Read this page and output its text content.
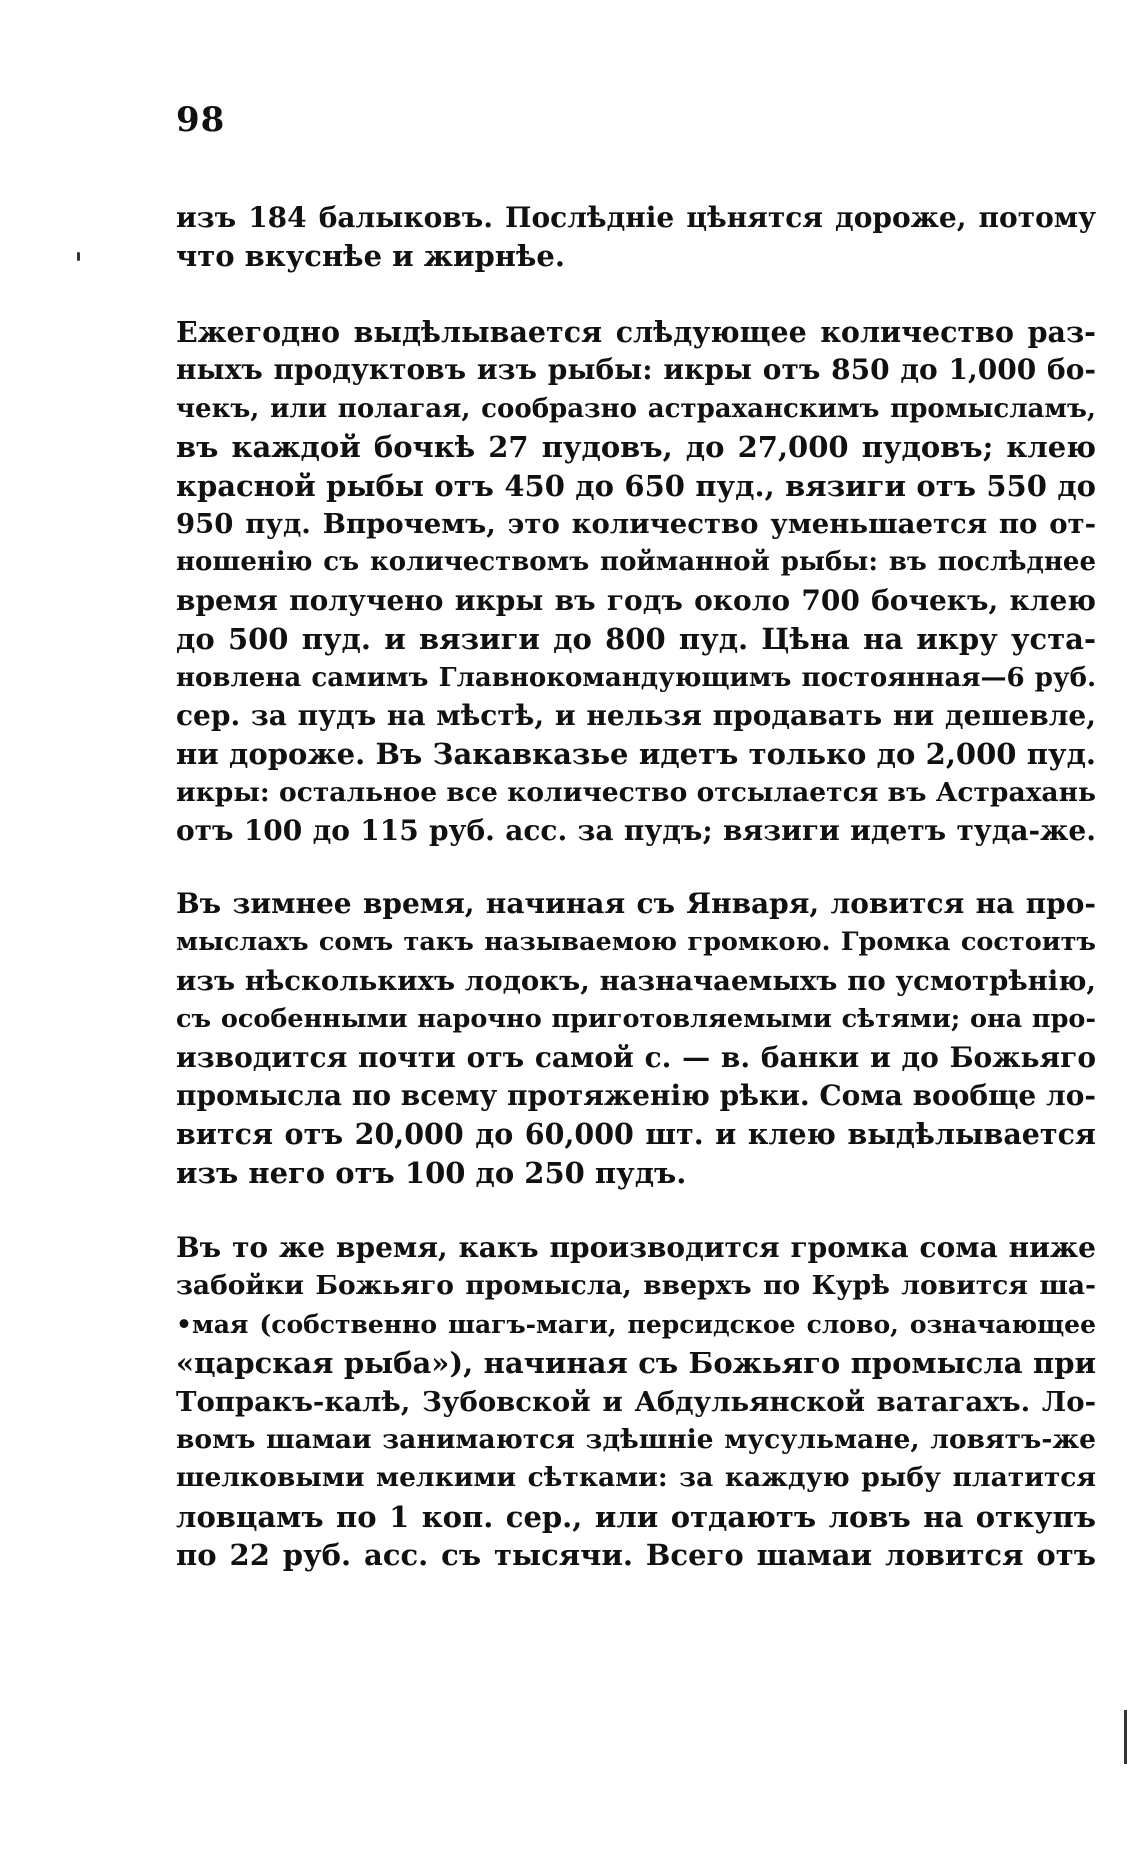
98
изъ 184 балыковъ. Послѣдніе цѣнятся дороже, потому
что вкуснѣе и жирнѣе.
Ежегодно выдѣлывается слѣдующее количество раз-
ныхъ продуктовъ изъ рыбы: икры отъ 850 до 1,000 бо-
чекъ, или полагая, сообразно астраханскимъ промысламъ,
въ каждой бочкѣ 27 пудовъ, до 27,000 пудовъ; клею
красной рыбы отъ 450 до 650 пуд., вязиги отъ 550 до
950 пуд. Впрочемъ, это количество уменьшается по от-
ношенію съ количествомъ пойманной рыбы: въ послѣднее
время получено икры въ годъ около 700 бочекъ, клею
до 500 пуд. и вязиги до 800 пуд. Цѣна на икру уста-
новлена самимъ Главнокомандующимъ постоянная—6 руб.
сер. за пудъ на мѣстѣ, и нельзя продавать ни дешевле,
ни дороже. Въ Закавказье идетъ только до 2,000 пуд.
икры: остальное все количество отсылается въ Астрахань
отъ 100 до 115 руб. асс. за пудъ; вязиги идетъ туда-же.
Въ зимнее время, начиная съ Января, ловится на про-
мыслахъ сомъ такъ называемою громкою. Громка состоитъ
изъ нѣсколькихъ лодокъ, назначаемыхъ по усмотрѣнію,
съ особенными нарочно приготовляемыми сѣтями; она про-
изводится почти отъ самой с. — в. банки и до Божьяго
промысла по всему протяженію рѣки. Сома вообще ло-
вится отъ 20,000 до 60,000 шт. и клею выдѣлывается
изъ него отъ 100 до 250 пудъ.
Въ то же время, какъ производится громка сома ниже
забойки Божьяго промысла, вверхъ по Курѣ ловится ша-
•мая (собственно шагъ-маги, персидское слово, означающее
«царская рыба»), начиная съ Божьяго промысла при
Топракъ-калѣ, Зубовской и Абдульянской ватагахъ. Ло-
вомъ шамаи занимаются здѣшніе мусульмане, ловятъ-же
шелковыми мелкими сѣтками: за каждую рыбу платится
ловцамъ по 1 коп. сер., или отдаютъ ловъ на откупъ
по 22 руб. асс. съ тысячи. Всего шамаи ловится отъ
